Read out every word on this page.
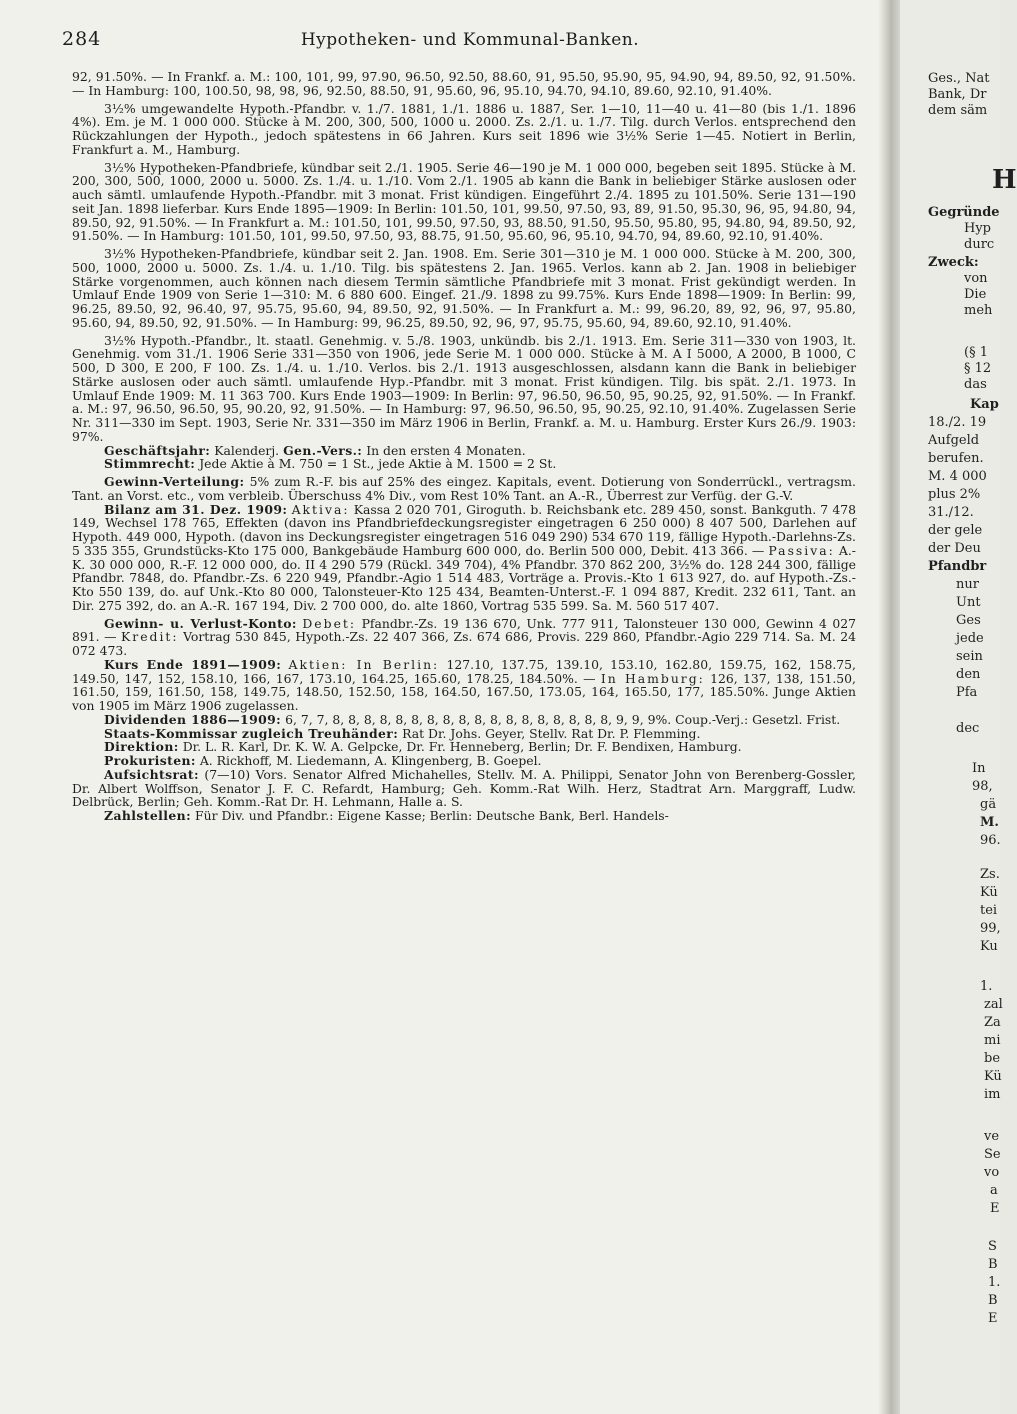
284	Hypotheken- und Kommunal-Banken.

92, 91.50%. — In Frankf. a. M.: 100, 101, 99, 97.90, 96.50, 92.50, 88.60, 91, 95.50, 95.90, 95, 94.90, 94, 89.50, 92, 91.50%. — In Hamburg: 100, 100.50, 98, 98, 96, 92.50, 88.50, 91, 95.60, 96, 95.10, 94.70, 94.10, 89.60, 92.10, 91.40%.

3½% umgewandelte Hypoth.-Pfandbr. v. 1./7. 1881, 1./1. 1886 u. 1887, Ser. 1—10, 11—40 u. 41—80 (bis 1./1. 1896 4%). Em. je M. 1 000 000. Stücke à M. 200, 300, 500, 1000 u. 2000. Zs. 2./1. u. 1./7. Tilg. durch Verlos. entsprechend den Rückzahlungen der Hypoth., jedoch spätestens in 66 Jahren. Kurs seit 1896 wie 3½% Serie 1—45. Notiert in Berlin, Frankfurt a. M., Hamburg.

3½% Hypotheken-Pfandbriefe, kündbar seit 2./1. 1905. Serie 46—190 je M. 1 000 000, begeben seit 1895. Stücke à M. 200, 300, 500, 1000, 2000 u. 5000. Zs. 1./4. u. 1./10. Vom 2./1. 1905 ab kann die Bank in beliebiger Stärke auslosen oder auch sämtl. umlaufende Hypoth.-Pfandbr. mit 3 monat. Frist kündigen. Eingeführt 2./4. 1895 zu 101.50%. Serie 131—190 seit Jan. 1898 lieferbar. Kurs Ende 1895—1909: In Berlin: 101.50, 101, 99.50, 97.50, 93, 89, 91.50, 95.30, 96, 95, 94.80, 94, 89.50, 92, 91.50%. — In Frankfurt a. M.: 101.50, 101, 99.50, 97.50, 93, 88.50, 91.50, 95.50, 95.80, 95, 94.80, 94, 89.50, 92, 91.50%. — In Hamburg: 101.50, 101, 99.50, 97.50, 93, 88.75, 91.50, 95.60, 96, 95.10, 94.70, 94, 89.60, 92.10, 91.40%.

3½% Hypotheken-Pfandbriefe, kündbar seit 2. Jan. 1908. Em. Serie 301—310 je M. 1 000 000. Stücke à M. 200, 300, 500, 1000, 2000 u. 5000. Zs. 1./4. u. 1./10. Tilg. bis spätestens 2. Jan. 1965. Verlos. kann ab 2. Jan. 1908 in beliebiger Stärke vorgenommen, auch können nach diesem Termin sämtliche Pfandbriefe mit 3 monat. Frist gekündigt werden. In Umlauf Ende 1909 von Serie 1—310: M. 6 880 600. Eingef. 21./9. 1898 zu 99.75%. Kurs Ende 1898—1909: In Berlin: 99, 96.25, 89.50, 92, 96.40, 97, 95.75, 95.60, 94, 89.50, 92, 91.50%. — In Frankfurt a. M.: 99, 96.20, 89, 92, 96, 97, 95.80, 95.60, 94, 89.50, 92, 91.50%. — In Hamburg: 99, 96.25, 89.50, 92, 96, 97, 95.75, 95.60, 94, 89.60, 92.10, 91.40%.

3½% Hypoth.-Pfandbr., lt. staatl. Genehmig. v. 5./8. 1903, unkündb. bis 2./1. 1913. Em. Serie 311—330 von 1903, lt. Genehmig. vom 31./1. 1906 Serie 331—350 von 1906, jede Serie M. 1 000 000. Stücke à M. A I 5000, A 2000, B 1000, C 500, D 300, E 200, F 100. Zs. 1./4. u. 1./10. Verlos. bis 2./1. 1913 ausgeschlossen, alsdann kann die Bank in beliebiger Stärke auslosen oder auch sämtl. umlaufende Hyp.-Pfandbr. mit 3 monat. Frist kündigen. Tilg. bis spät. 2./1. 1973. In Umlauf Ende 1909: M. 11 363 700. Kurs Ende 1903—1909: In Berlin: 97, 96.50, 96.50, 95, 90.25, 92, 91.50%. — In Frankf. a. M.: 97, 96.50, 96.50, 95, 90.20, 92, 91.50%. — In Hamburg: 97, 96.50, 96.50, 95, 90.25, 92.10, 91.40%. Zugelassen Serie Nr. 311—330 im Sept. 1903, Serie Nr. 331—350 im März 1906 in Berlin, Frankf. a. M. u. Hamburg. Erster Kurs 26./9. 1903: 97%.

Geschäftsjahr: Kalenderj. Gen.-Vers.: In den ersten 4 Monaten.

Stimmrecht: Jede Aktie à M. 750 = 1 St., jede Aktie à M. 1500 = 2 St.

Gewinn-Verteilung: 5% zum R.-F. bis auf 25% des eingez. Kapitals, event. Dotierung von Sonderrückl., vertragsm. Tant. an Vorst. etc., vom verbleib. Überschuss 4% Div., vom Rest 10% Tant. an A.-R., Überrest zur Verfüg. der G.-V.

Bilanz am 31. Dez. 1909: Aktiva: Kassa 2 020 701, Giroguth. b. Reichsbank etc. 289 450, sonst. Bankguth. 7 478 149, Wechsel 178 765, Effekten (davon ins Pfandbriefdeckungsregister eingetragen 6 250 000) 8 407 500, Darlehen auf Hypoth. 449 000, Hypoth. (davon ins Deckungsregister eingetragen 516 049 290) 534 670 119, fällige Hypoth.-Darlehns-Zs. 5 335 355, Grundstücks-Kto 175 000, Bankgebäude Hamburg 600 000, do. Berlin 500 000, Debit. 413 366. — Passiva: A.-K. 30 000 000, R.-F. 12 000 000, do. II 4 290 579 (Rückl. 349 704), 4% Pfandbr. 370 862 200, 3½% do. 128 244 300, fällige Pfandbr. 7848, do. Pfandbr.-Zs. 6 220 949, Pfandbr.-Agio 1 514 483, Vorträge a. Provis.-Kto 1 613 927, do. auf Hypoth.-Zs.-Kto 550 139, do. auf Unk.-Kto 80 000, Talonsteuer-Kto 125 434, Beamten-Unterst.-F. 1 094 887, Kredit. 232 611, Tant. an Dir. 275 392, do. an A.-R. 167 194, Div. 2 700 000, do. alte 1860, Vortrag 535 599. Sa. M. 560 517 407.

Gewinn- u. Verlust-Konto: Debet: Pfandbr.-Zs. 19 136 670, Unk. 777 911, Talonsteuer 130 000, Gewinn 4 027 891. — Kredit: Vortrag 530 845, Hypoth.-Zs. 22 407 366, Zs. 674 686, Provis. 229 860, Pfandbr.-Agio 229 714. Sa. M. 24 072 473.

Kurs Ende 1891—1909: Aktien: In Berlin: 127.10, 137.75, 139.10, 153.10, 162.80, 159.75, 162, 158.75, 149.50, 147, 152, 158.10, 166, 167, 173.10, 164.25, 165.60, 178.25, 184.50%. — In Hamburg: 126, 137, 138, 151.50, 161.50, 159, 161.50, 158, 149.75, 148.50, 152.50, 158, 164.50, 167.50, 173.05, 164, 165.50, 177, 185.50%. Junge Aktien von 1905 im März 1906 zugelassen.

Dividenden 1886—1909: 6, 7, 7, 8, 8, 8, 8, 8, 8, 8, 8, 8, 8, 8, 8, 8, 8, 8, 8, 8, 8, 9, 9, 9%. Coup.-Verj.: Gesetzl. Frist.

Staats-Kommissar zugleich Treuhänder: Rat Dr. Johs. Geyer, Stellv. Rat Dr. P. Flemming.

Direktion: Dr. L. R. Karl, Dr. K. W. A. Gelpcke, Dr. Fr. Henneberg, Berlin; Dr. F. Bendixen, Hamburg.

Prokuristen: A. Rickhoff, M. Liedemann, A. Klingenberg, B. Goepel.

Aufsichtsrat: (7—10) Vors. Senator Alfred Michahelles, Stellv. M. A. Philippi, Senator John von Berenberg-Gossler, Dr. Albert Wolffson, Senator J. F. C. Refardt, Hamburg; Geh. Komm.-Rat Wilh. Herz, Stadtrat Arn. Marggraff, Ludw. Delbrück, Berlin; Geh. Komm.-Rat Dr. H. Lehmann, Halle a. S.

Zahlstellen: Für Div. und Pfandbr.: Eigene Kasse; Berlin: Deutsche Bank, Berl. Handels-

Ges., Nat
Bank, Dr
dem säm
H
Gegründe
Hyp
durc
Zweck:
von
Die
meh
(§ 1
§ 12
das
Kap
18./2. 19
Aufgeld
berufen.
M. 4 000
plus 2%
31./12.
der gele
der Deu
Pfandbr
nur
Unt
Ges
jede
sein
den
Pfa
dec
In
98,
gä
M.
96.
Zs.
Kü
tei
99,
Ku
1.
zal
Za
mi
be
Kü
im
ve
Se
vo
a
E
S
B
1.
B
E
